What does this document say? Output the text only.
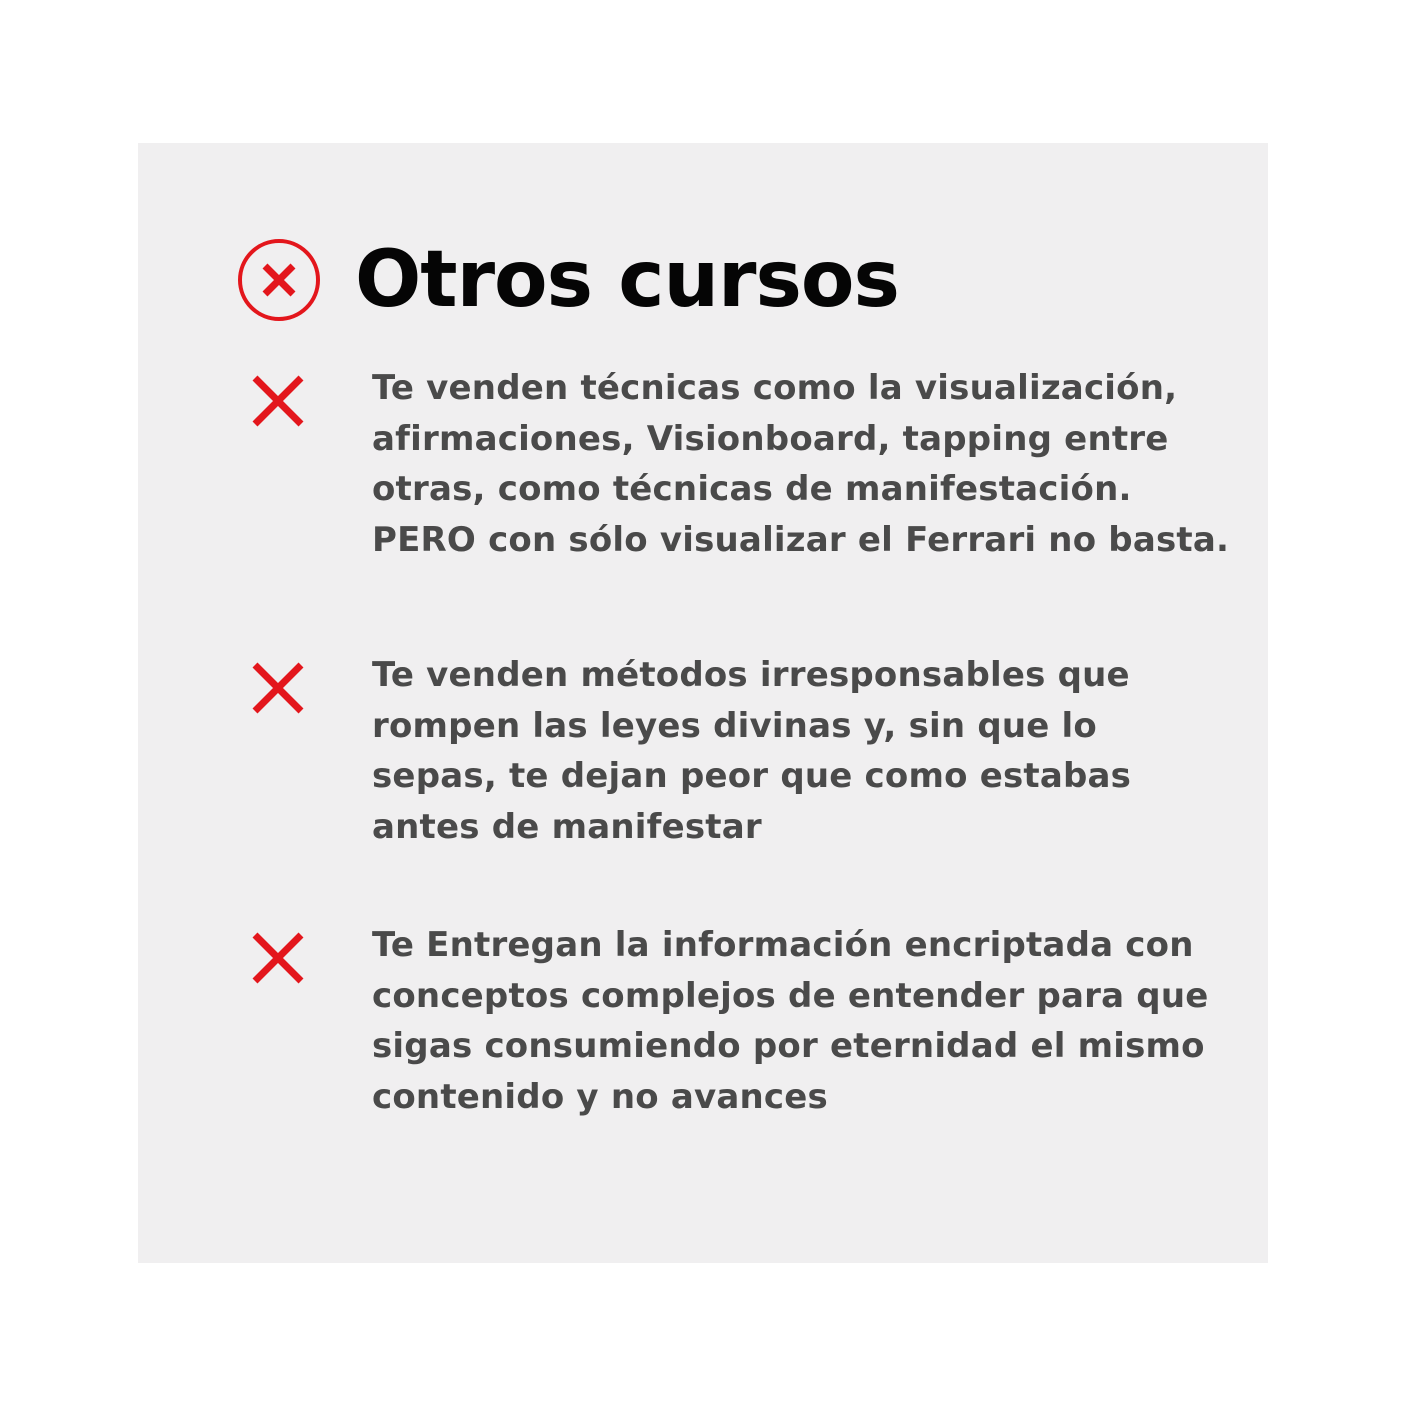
Otros cursos

Te venden técnicas como la visualización, afirmaciones, Visionboard, tapping entre otras, como técnicas de manifestación. PERO con sólo visualizar el Ferrari no basta.

Te venden métodos irresponsables que rompen las leyes divinas y, sin que lo sepas, te dejan peor que como estabas antes de manifestar

Te Entregan la información encriptada con conceptos complejos de entender para que sigas consumiendo por eternidad el mismo contenido y no avances
